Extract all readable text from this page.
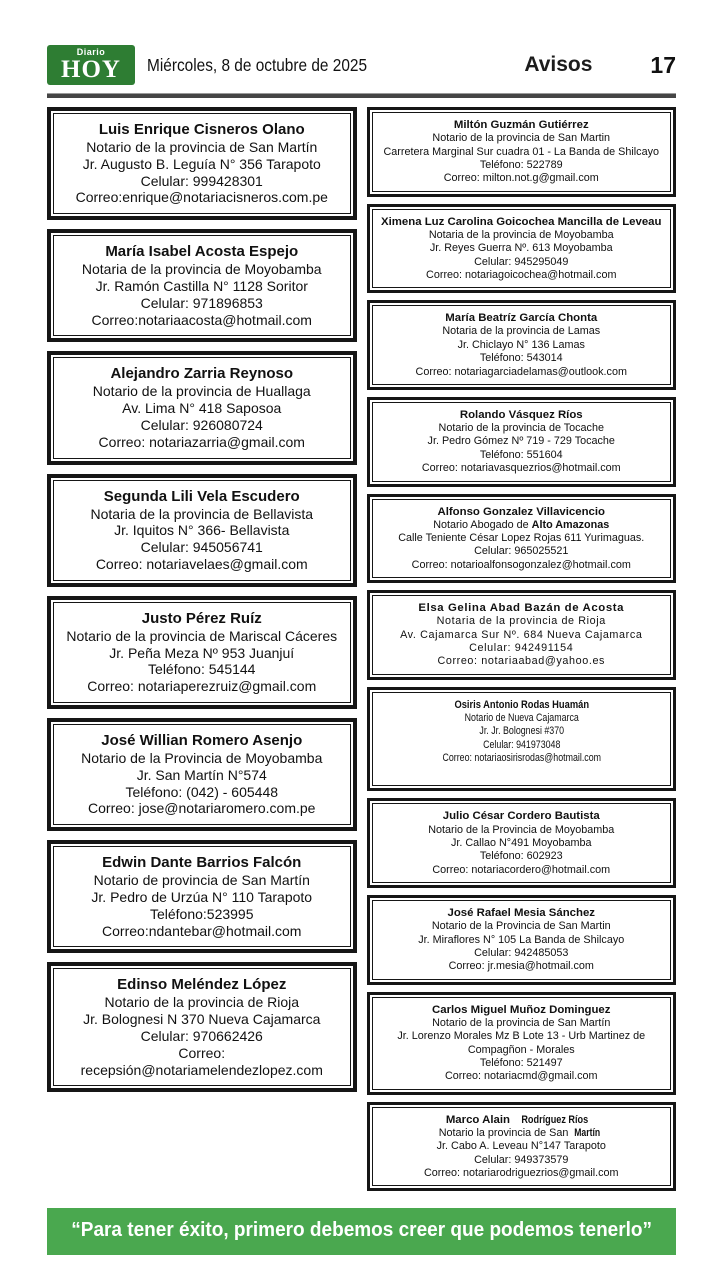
Diario
HOY Miércoles, 8 de octubre de 2025	Avisos	17
Luis Enrique Cisneros Olano
Notario de la provincia de San Martín
Jr. Augusto B. Leguía N° 356 Tarapoto
Celular: 999428301
Correo:enrique@notariacisneros.com.pe
María Isabel Acosta Espejo
Notaria de la provincia de Moyobamba
Jr. Ramón Castilla N° 1128 Soritor
Celular: 971896853
Correo:notariaacosta@hotmail.com
Alejandro Zarria Reynoso
Notario de la provincia de Huallaga
Av. Lima N° 418 Saposoa
Celular: 926080724
Correo: notariazarria@gmail.com
Segunda Lili Vela Escudero
Notaria de la provincia de Bellavista
Jr. Iquitos N° 366- Bellavista
Celular: 945056741
Correo: notariavelaes@gmail.com
Justo Pérez Ruíz
Notario de la provincia de Mariscal Cáceres
Jr. Peña Meza Nº 953 Juanjuí
Teléfono: 545144
Correo: notariaperezruiz@gmail.com
José Willian Romero Asenjo
Notario de la Provincia de Moyobamba
Jr. San Martín N°574
Teléfono: (042) - 605448
Correo: jose@notariaromero.com.pe
Edwin Dante Barrios Falcón
Notario de provincia de San Martín
Jr. Pedro de Urzúa N° 110 Tarapoto
Teléfono:523995
Correo:ndantebar@hotmail.com
Edinso Meléndez López
Notario de la provincia de Rioja
Jr. Bolognesi N 370 Nueva Cajamarca
Celular: 970662426
Correo: recepsión@notariamelendezlopez.com
Miltón Guzmán Gutiérrez
Notario de la provincia de San Martin
Carretera Marginal Sur cuadra 01 - La Banda de Shilcayo
Teléfono: 522789
Correo: milton.not.g@gmail.com
Ximena Luz Carolina Goicochea Mancilla de Leveau
Notaria de la provincia de Moyobamba
Jr. Reyes Guerra Nº. 613 Moyobamba
Celular: 945295049
Correo: notariagoicochea@hotmail.com
María Beatríz García Chonta
Notaria de la provincia de Lamas
Jr. Chiclayo N° 136 Lamas
Teléfono: 543014
Correo: notariagarciadelamas@outlook.com
Rolando Vásquez Ríos
Notario de la provincia de Tocache
Jr. Pedro Gómez Nº 719 - 729 Tocache
Teléfono: 551604
Correo: notariavasquezrios@hotmail.com
Alfonso Gonzalez Villavicencio
Notario Abogado de Alto Amazonas
Calle Teniente César Lopez Rojas 611 Yurimaguas.
Celular: 965025521
Correo: notarioalfonsogonzalez@hotmail.com
Elsa Gelina Abad Bazán de Acosta
Notaria de la provincia de Rioja
Av. Cajamarca Sur Nº. 684 Nueva Cajamarca
Celular: 942491154
Correo: notariaabad@yahoo.es
Osiris Antonio Rodas Huamán
Notario de Nueva Cajamarca
Jr. Jr. Bolognesi #370
Celular: 941973048
Correo: notariaosirisrodas@hotmail.com
Julio César Cordero Bautista
Notario de la Provincia de Moyobamba
Jr. Callao N°491 Moyobamba
Teléfono: 602923
Correo: notariacordero@hotmail.com
José Rafael Mesia Sánchez
Notario de la Provincia de San Martin
Jr. Miraflores N° 105 La Banda de Shilcayo
Celular: 942485053
Correo: jr.mesia@hotmail.com
Carlos Miguel Muñoz Dominguez
Notario de la provincia de San Martín
Jr. Lorenzo Morales Mz B Lote 13 - Urb Martinez de Compagñon - Morales
Teléfono: 521497
Correo: notariacmd@gmail.com
Marco Alain Rodríguez Ríos
Notario la provincia de San Martín
Jr. Cabo A. Leveau N°147 Tarapoto
Celular: 949373579
Correo: notariarodriguezrios@gmail.com
“Para tener éxito, primero debemos creer que podemos tenerlo”
